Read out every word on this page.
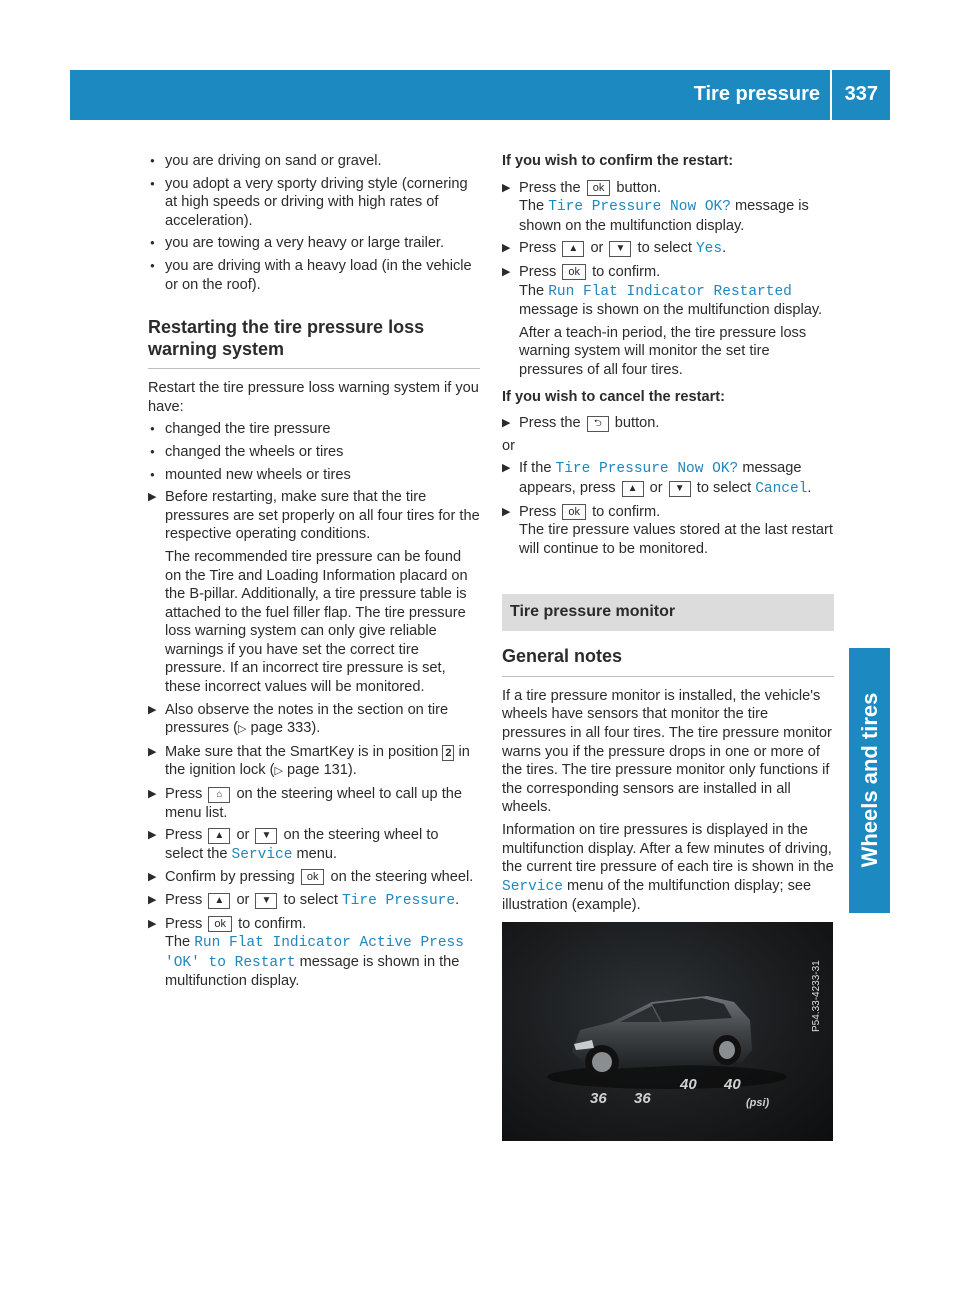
Tire pressure 337
Wheels and tires

● you are driving on sand or gravel.

● you adopt a very sporty driving style (cornering at high speeds or driving with high rates of acceleration).

● you are towing a very heavy or large trailer.

● you are driving with a heavy load (in the vehicle or on the roof).

Restarting the tire pressure loss warning system

Restart the tire pressure loss warning system if you have:

● changed the tire pressure

● changed the wheels or tires

● mounted new wheels or tires

▶ Before restarting, make sure that the tire pressures are set properly on all four tires for the respective operating conditions.

The recommended tire pressure can be found on the Tire and Loading Information placard on the B-pillar. Additionally, a tire pressure table is attached to the fuel filler flap. The tire pressure loss warning system can only give reliable warnings if you have set the correct tire pressure. If an incorrect tire pressure is set, these incorrect values will be monitored.

▶ Also observe the notes in the section on tire pressures (▷ page 333).
▶ Make sure that the SmartKey is in position 2 in the ignition lock (▷ page 131).
▶ Press ⌂ on the steering wheel to call up the menu list.
▶ Press ▲ or ▼ on the steering wheel to select the Service menu.
▶ Confirm by pressing ok on the steering wheel.
▶ Press ▲ or ▼ to select Tire Pressure.
▶ Press ok to confirm.
The Run Flat Indicator Active Press 'OK' to Restart message is shown in the multifunction display.
If you wish to confirm the restart:
▶ Press the ok button.
The Tire Pressure Now OK? message is shown on the multifunction display.
▶ Press ▲ or ▼ to select Yes.
▶ Press ok to confirm.
The Run Flat Indicator Restarted message is shown on the multifunction display.

After a teach-in period, the tire pressure loss warning system will monitor the set tire pressures of all four tires.

If you wish to cancel the restart:
▶ Press the ⮌ button.

or

▶ If the Tire Pressure Now OK? message appears, press ▲ or ▼ to select Cancel.
▶ Press ok to confirm.
The tire pressure values stored at the last restart will continue to be monitored.
Tire pressure monitor
General notes

If a tire pressure monitor is installed, the vehicle's wheels have sensors that monitor the tire pressures in all four tires. The tire pressure monitor warns you if the pressure drops in one or more of the tires. The tire pressure monitor only functions if the corresponding sensors are installed in all wheels.

Information on tire pressures is displayed in the multifunction display. After a few minutes of driving, the current tire pressure of each tire is shown in the Service menu of the multifunction display; see illustration (example).

36 36
40 40
(psi)
P54.33-4233-31
